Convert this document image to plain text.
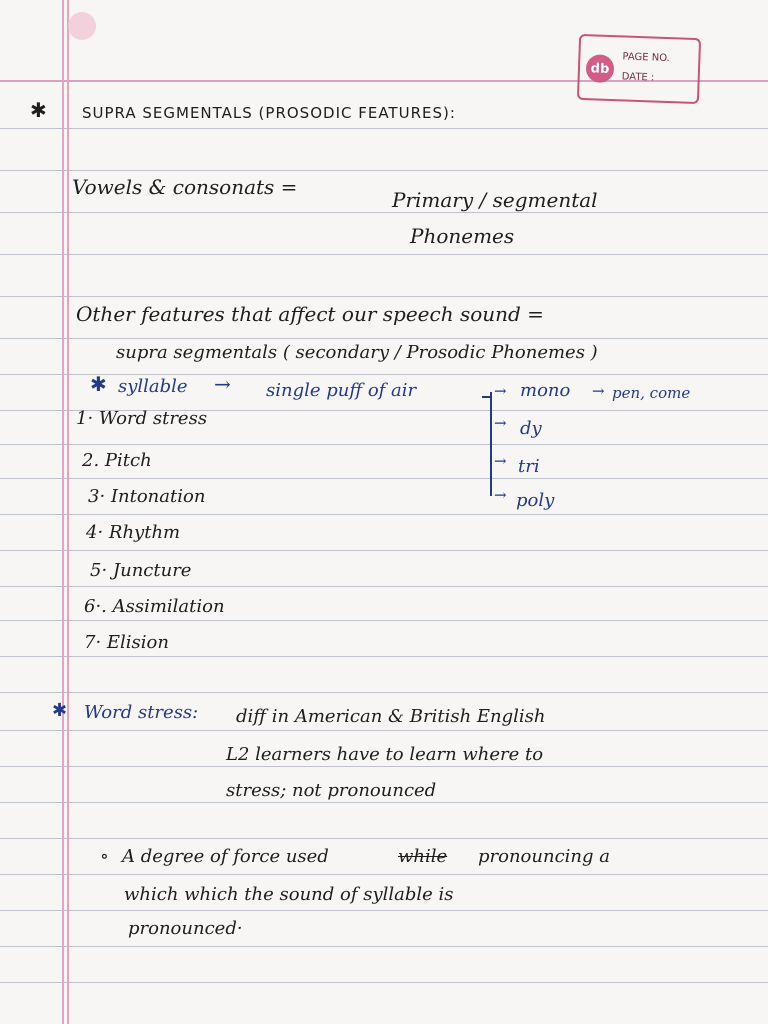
db
PAGE NO.
DATE :
✱ SUPRA SEGMENTALS (PROSODIC FEATURES):
Vowels & consonats =
Primary / segmental
Phonemes
Other features that affect our speech sound =
supra segmentals ( secondary / Prosodic Phonemes )
✱ syllable → single puff of air	→ mono → pen, come
→ dy
→ tri
→ poly
1· Word stress
2. Pitch
3· Intonation
4· Rhythm
5· Juncture
6·. Assimilation
7· Elision
✱ Word stress: diff in American & British English
L2 learners have to learn where to
stress; not pronounced
∘ A degree of force used	while pronouncing a
which which the sound of syllable is
pronounced·
